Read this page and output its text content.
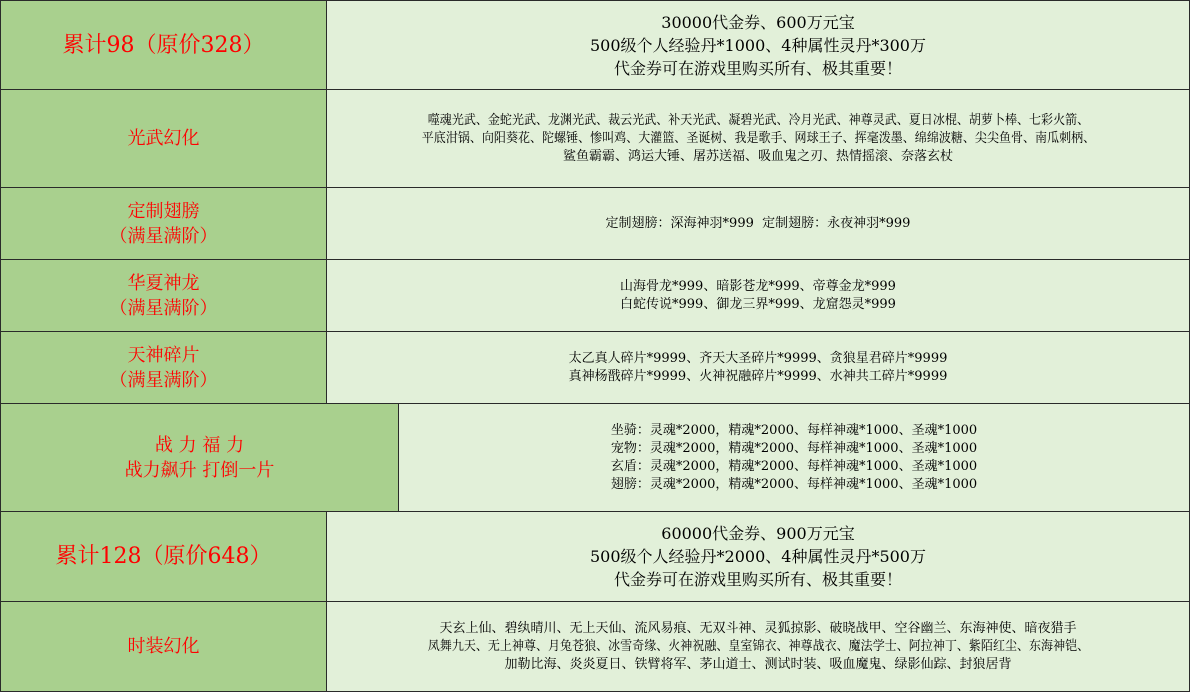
累计98（原价328）
30000代金券、600万元宝
500级个人经验丹*1000、4种属性灵丹*300万
代金券可在游戏里购买所有、极其重要！
光武幻化
噬魂光武、金蛇光武、龙渊光武、裁云光武、补天光武、凝碧光武、冷月光武、神尊灵武、夏日冰棍、胡萝卜棒、七彩火箭、
平底泔锅、向阳葵花、陀螺锤、惨叫鸡、大灌篮、圣诞树、我是歌手、网球王子、挥毫泼墨、绵绵波糖、尖尖鱼骨、南瓜刺柄、
鲨鱼霸霸、鸿运大锤、屠苏送福、吸血鬼之刃、热情摇滚、奈落玄杖
定制翅膀
（满星满阶）
定制翅膀：深海神羽*999  定制翅膀：永夜神羽*999
华夏神龙
（满星满阶）
山海骨龙*999、暗影苍龙*999、帝尊金龙*999
白蛇传说*999、御龙三界*999、龙窟怨灵*999
天神碎片
（满星满阶）
太乙真人碎片*9999、齐天大圣碎片*9999、贪狼星君碎片*9999
真神杨戬碎片*9999、火神祝融碎片*9999、水神共工碎片*9999
战 力 福 力
战力飙升 打倒一片
坐骑：灵魂*2000，精魂*2000、每样神魂*1000、圣魂*1000
宠物：灵魂*2000，精魂*2000、每样神魂*1000、圣魂*1000
玄盾：灵魂*2000，精魂*2000、每样神魂*1000、圣魂*1000
翅膀：灵魂*2000，精魂*2000、每样神魂*1000、圣魂*1000
累计128（原价648）
60000代金券、900万元宝
500级个人经验丹*2000、4种属性灵丹*500万
代金券可在游戏里购买所有、极其重要！
时装幻化
天玄上仙、碧纨晴川、无上天仙、流风易痕、无双斗神、灵狐掠影、破晓战甲、空谷幽兰、东海神使、暗夜猎手
凤舞九天、无上神尊、月兔苍狼、冰雪奇缘、火神祝融、皇室锦衣、神尊战衣、魔法学士、阿拉神丁、紫陌红尘、东海神铠、
加勒比海、炎炎夏日、铁臂将军、茅山道士、测试时装、吸血魔鬼、绿影仙踪、封狼居背
